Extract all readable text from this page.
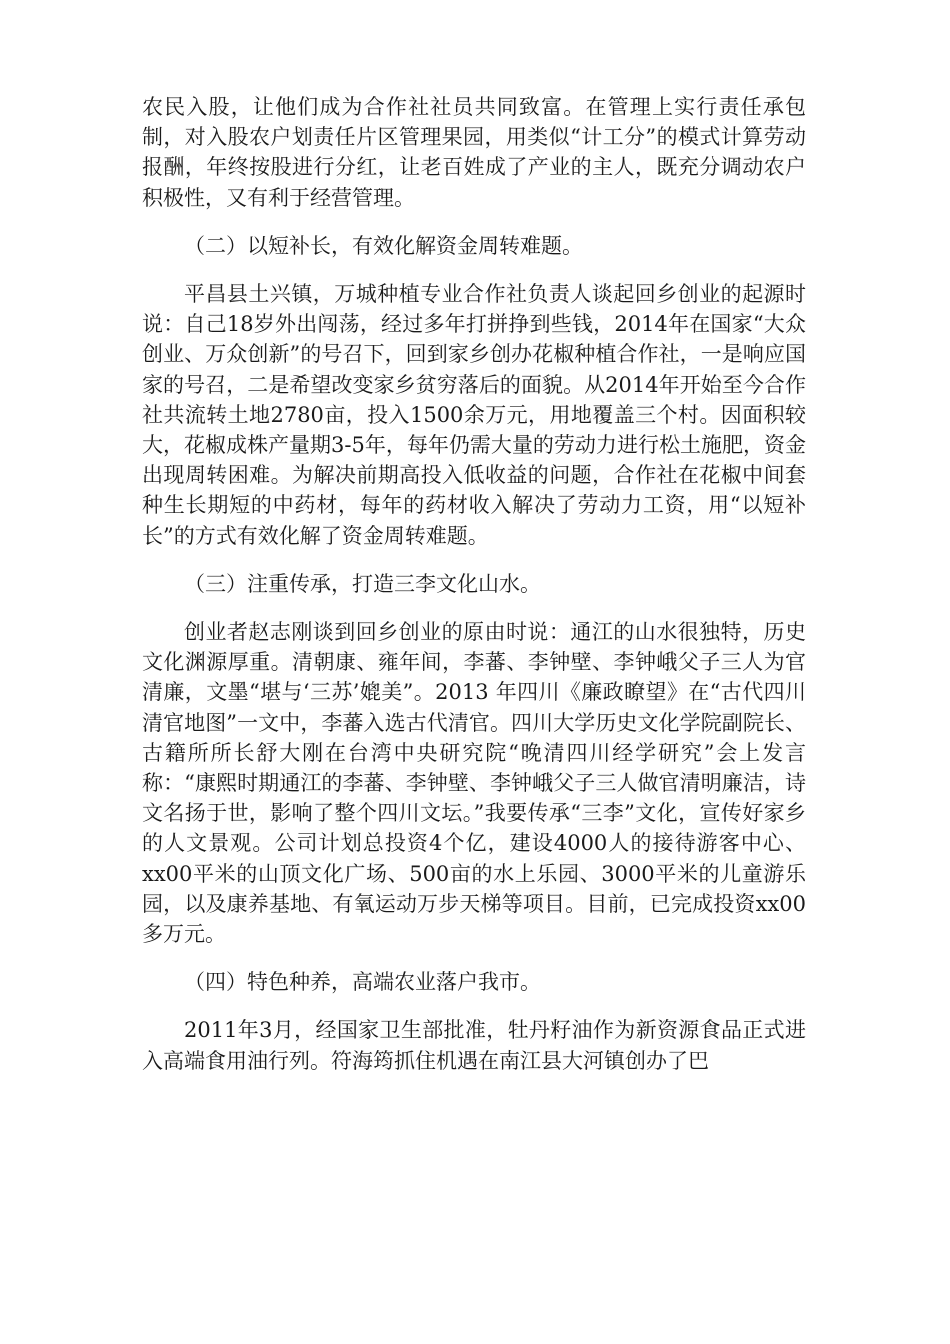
农民入股，让他们成为合作社社员共同致富。在管理上实行责任承包制，对入股农户划责任片区管理果园，用类似“计工分”的模式计算劳动报酬，年终按股进行分红，让老百姓成了产业的主人，既充分调动农户积极性，又有利于经营管理。

（二）以短补长，有效化解资金周转难题。

平昌县土兴镇，万城种植专业合作社负责人谈起回乡创业的起源时说：自己18岁外出闯荡，经过多年打拼挣到些钱，2014年在国家“大众创业、万众创新”的号召下，回到家乡创办花椒种植合作社，一是响应国家的号召，二是希望改变家乡贫穷落后的面貌。从2014年开始至今合作社共流转土地2780亩，投入1500余万元，用地覆盖三个村。因面积较大，花椒成株产量期3-5年，每年仍需大量的劳动力进行松土施肥，资金出现周转困难。为解决前期高投入低收益的问题，合作社在花椒中间套种生长期短的中药材，每年的药材收入解决了劳动力工资，用“以短补长”的方式有效化解了资金周转难题。

（三）注重传承，打造三李文化山水。

创业者赵志刚谈到回乡创业的原由时说：通江的山水很独特，历史文化渊源厚重。清朝康、雍年间，李蕃、李钟壁、李钟峨父子三人为官清廉，文墨“堪与‘三苏’媲美”。2013 年四川《廉政瞭望》在“古代四川清官地图”一文中，李蕃入选古代清官。四川大学历史文化学院副院长、古籍所所长舒大刚在台湾中央研究院“晚清四川经学研究”会上发言称：“康熙时期通江的李蕃、李钟壁、李钟峨父子三人做官清明廉洁，诗文名扬于世，影响了整个四川文坛。”我要传承“三李”文化，宣传好家乡的人文景观。公司计划总投资4个亿，建设4000人的接待游客中心、xx00平米的山顶文化广场、500亩的水上乐园、3000平米的儿童游乐园，以及康养基地、有氧运动万步天梯等项目。目前，已完成投资xx00多万元。

（四）特色种养，高端农业落户我市。

2011年3月，经国家卫生部批准，牡丹籽油作为新资源食品正式进入高端食用油行列。符海筠抓住机遇在南江县大河镇创办了巴
